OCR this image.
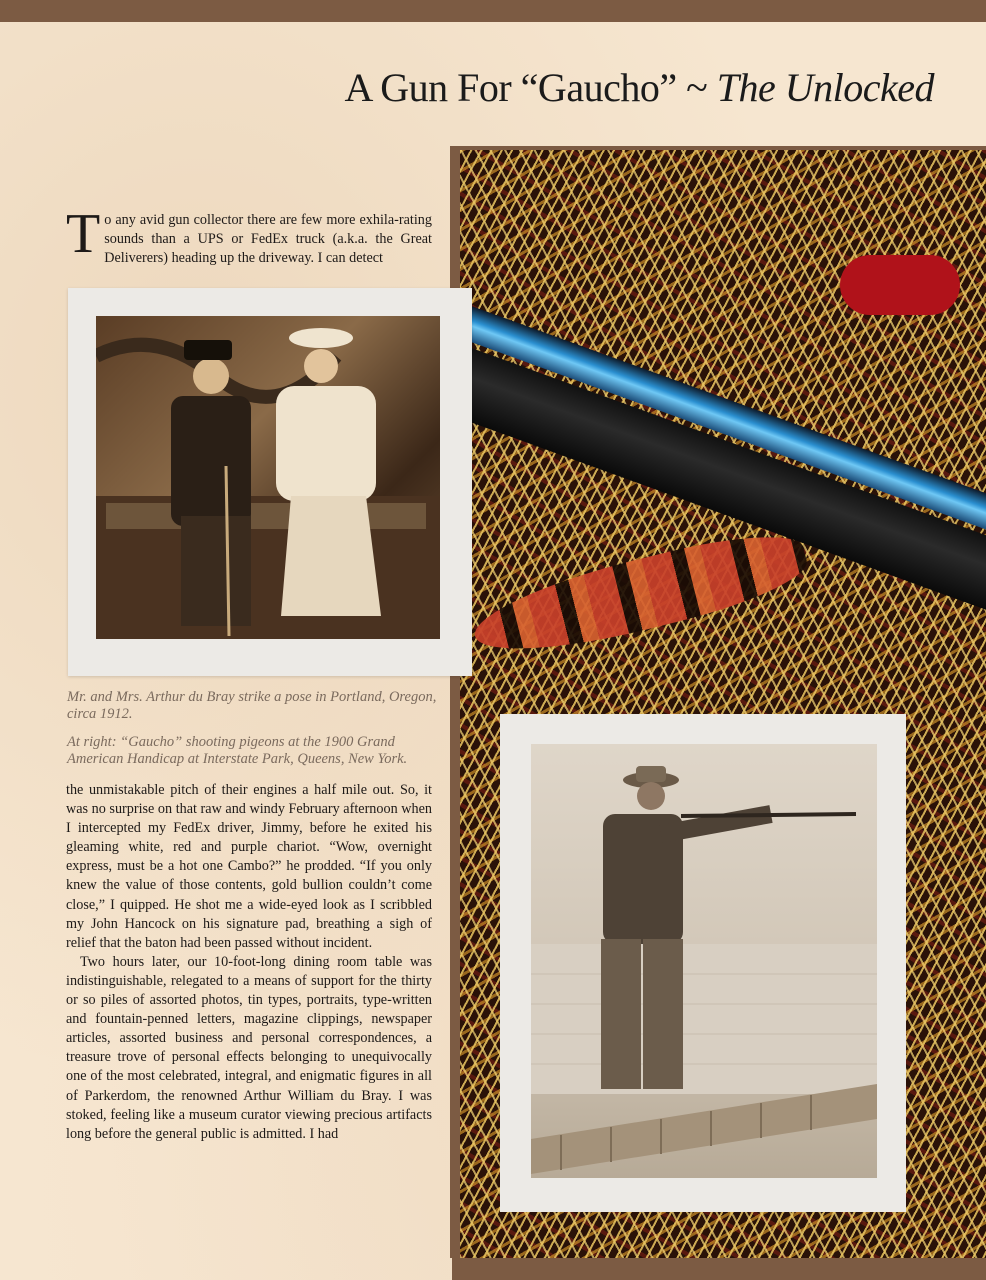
A Gun For “Gaucho” ~ The Unlocked

To any avid gun collector there are few more exhila-rating sounds than a UPS or FedEx truck (a.k.a. the Great Deliverers) heading up the driveway. I can detect

Mr. and Mrs. Arthur du Bray strike a pose in Portland, Oregon, circa 1912.

At right: “Gaucho” shooting pigeons at the 1900 Grand American Handicap at Interstate Park, Queens, New York.

the unmistakable pitch of their engines a half mile out. So, it was no surprise on that raw and windy February afternoon when I intercepted my FedEx driver, Jimmy, before he exited his gleaming white, red and purple chariot. “Wow, overnight express, must be a hot one Cambo?” he prodded. “If you only knew the value of those contents, gold bullion couldn’t come close,” I quipped. He shot me a wide-eyed look as I scribbled my John Hancock on his signature pad, breathing a sigh of relief that the baton had been passed without incident.
Two hours later, our 10-foot-long dining room table was indistinguishable, relegated to a means of support for the thirty or so piles of assorted photos, tin types, portraits, type-written and fountain-penned letters, magazine clippings, newspaper articles, assorted business and personal correspondences, a treasure trove of personal effects belonging to unequivocally one of the most celebrated, integral, and enigmatic figures in all of Parkerdom, the renowned Arthur William du Bray. I was stoked, feeling like a museum curator viewing precious artifacts long before the general public is admitted. I had
